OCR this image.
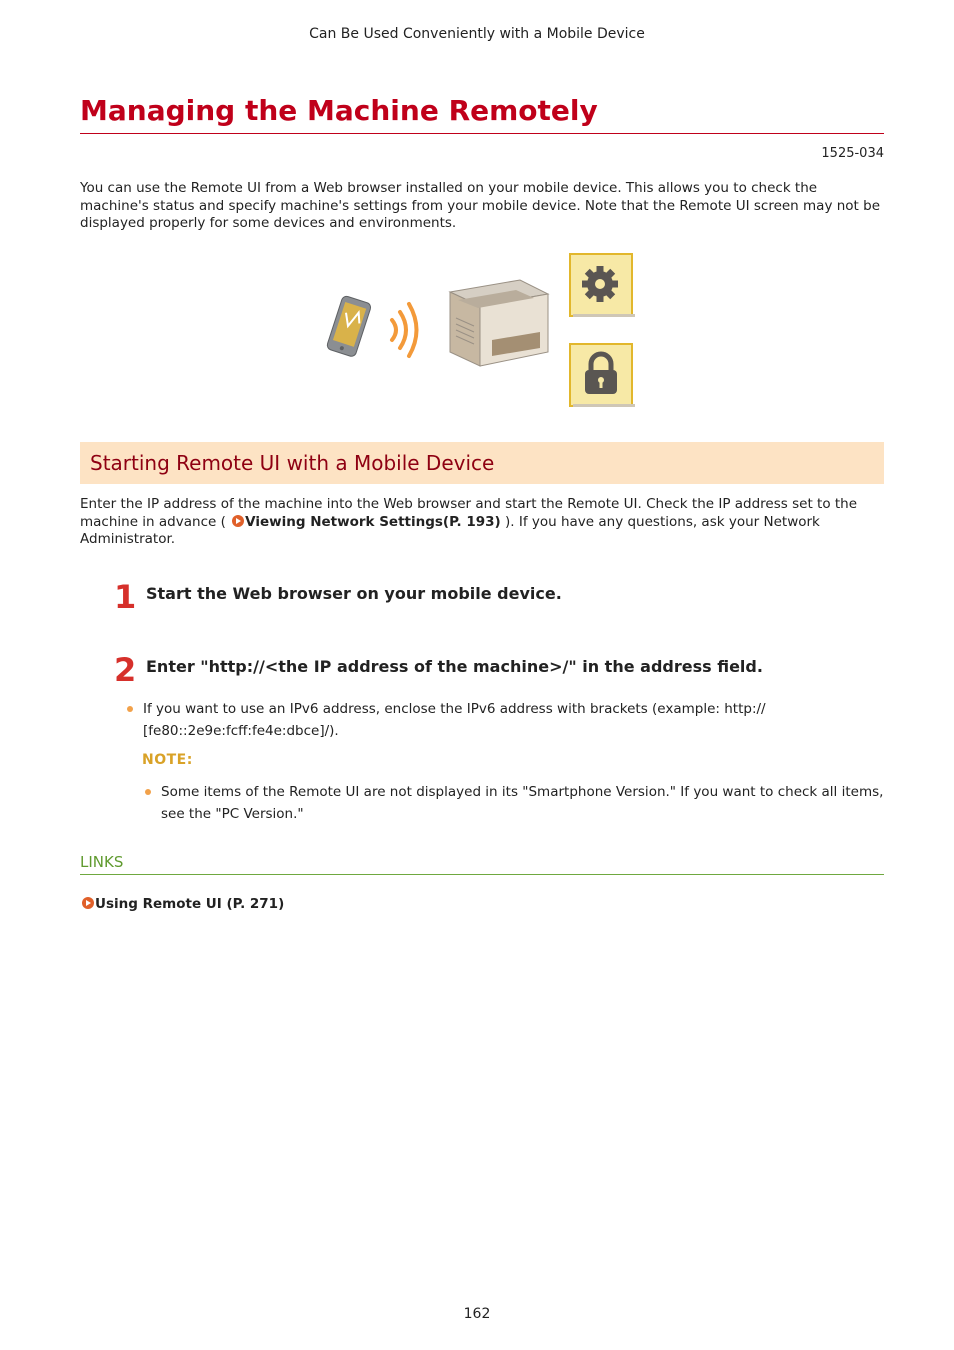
Can Be Used Conveniently with a Mobile Device
Managing the Machine Remotely
1525-034

You can use the Remote UI from a Web browser installed on your mobile device. This allows you to check the machine's status and specify machine's settings from your mobile device. Note that the Remote UI screen may not be displayed properly for some devices and environments.

Starting Remote UI with a Mobile Device

Enter the IP address of the machine into the Web browser and start the Remote UI. Check the IP address set to the machine in advance ( Viewing Network Settings(P. 193) ). If you have any questions, ask your Network Administrator.

1 Start the Web browser on your mobile device.
2 Enter "http://<the IP address of the machine>/" in the address field.
If you want to use an IPv6 address, enclose the IPv6 address with brackets (example: http://
[fe80::2e9e:fcff:fe4e:dbce]/).
NOTE:
Some items of the Remote UI are not displayed in its "Smartphone Version." If you want to check all items,
see the "PC Version."
LINKS
Using Remote UI (P. 271)
162
